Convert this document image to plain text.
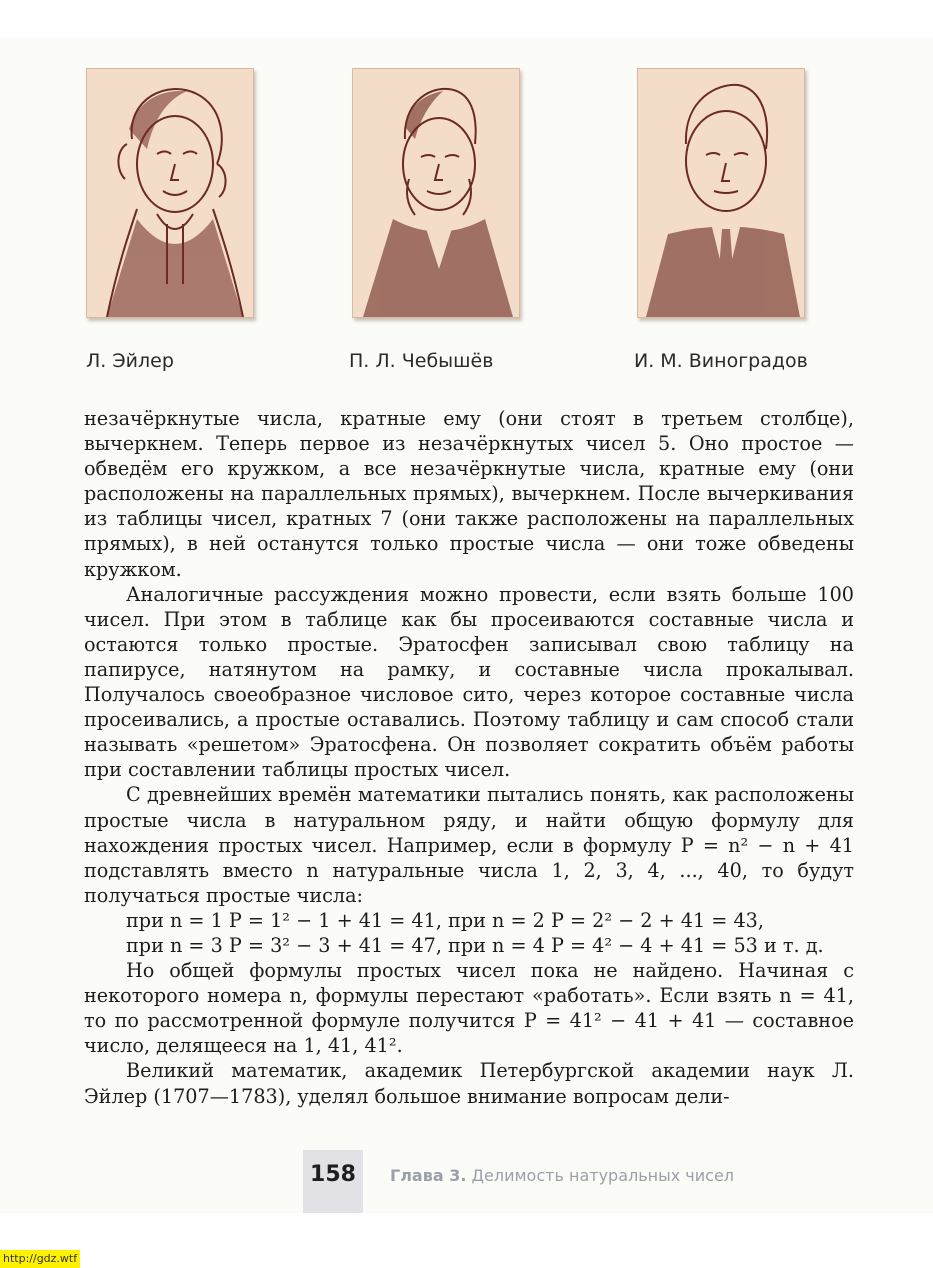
Л. Эйлер	П. Л. Чебышёв	И. М. Виноградов

незачёркнутые числа, кратные ему (они стоят в третьем столбце), вычеркнем. Теперь первое из незачёркнутых чисел 5. Оно простое — обведём его кружком, а все незачёркнутые числа, кратные ему (они расположены на параллельных прямых), вычеркнем. После вычеркивания из таблицы чисел, кратных 7 (они также расположены на параллельных прямых), в ней останутся только простые числа — они тоже обведены кружком.

Аналогичные рассуждения можно провести, если взять больше 100 чисел. При этом в таблице как бы просеиваются составные числа и остаются только простые. Эратосфен записывал свою таблицу на папирусе, натянутом на рамку, и составные числа прокалывал. Получалось своеобразное числовое сито, через которое составные числа просеивались, а простые оставались. Поэтому таблицу и сам способ стали называть «решетом» Эратосфена. Он позволяет сократить объём работы при составлении таблицы простых чисел.

С древнейших времён математики пытались понять, как расположены простые числа в натуральном ряду, и найти общую формулу для нахождения простых чисел. Например, если в формулу P = n² − n + 41 подставлять вместо n натуральные числа 1, 2, 3, 4, ..., 40, то будут получаться простые числа:

при n = 1 P = 1² − 1 + 41 = 41, при n = 2 P = 2² − 2 + 41 = 43,
при n = 3 P = 3² − 3 + 41 = 47, при n = 4 P = 4² − 4 + 41 = 53 и т. д.

Но общей формулы простых чисел пока не найдено. Начиная с некоторого номера n, формулы перестают «работать». Если взять n = 41, то по рассмотренной формуле получится P = 41² − 41 + 41 — составное число, делящееся на 1, 41, 41².

Великий математик, академик Петербургской академии наук Л. Эйлер (1707—1783), уделял большое внимание вопросам дели-

158	Глава 3. Делимость натуральных чисел
http://gdz.wtf
